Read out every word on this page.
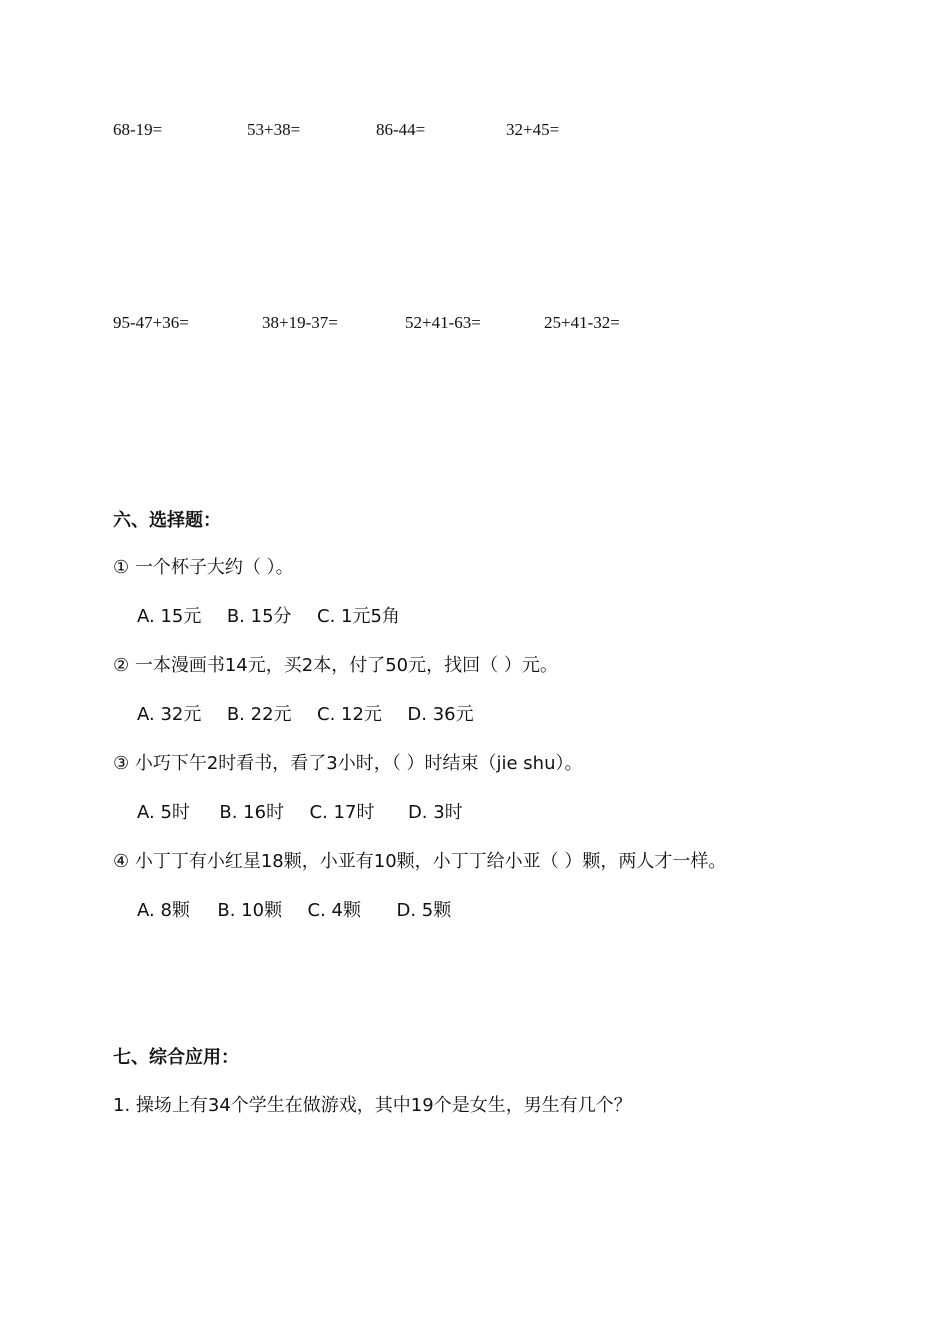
68-19=	53+38=	86-44=	32+45=
95-47+36=	38+19-37=	52+41-63=	25+41-32=
六、选择题：
① 一个杯子大约（ ）。
A. 15元 B. 15分 C. 1元5角
② 一本漫画书14元，买2本，付了50元，找回（ ）元。
A. 32元 B. 22元 C. 12元 D. 36元
③ 小巧下午2时看书，看了3小时，（ ）时结束（jie shu）。
A. 5时 B. 16时 C. 17时 D. 3时
④ 小丁丁有小红星18颗，小亚有10颗，小丁丁给小亚（ ）颗，两人才一样。
A. 8颗 B. 10颗 C. 4颗 D. 5颗
七、综合应用：
1. 操场上有34个学生在做游戏，其中19个是女生，男生有几个？
